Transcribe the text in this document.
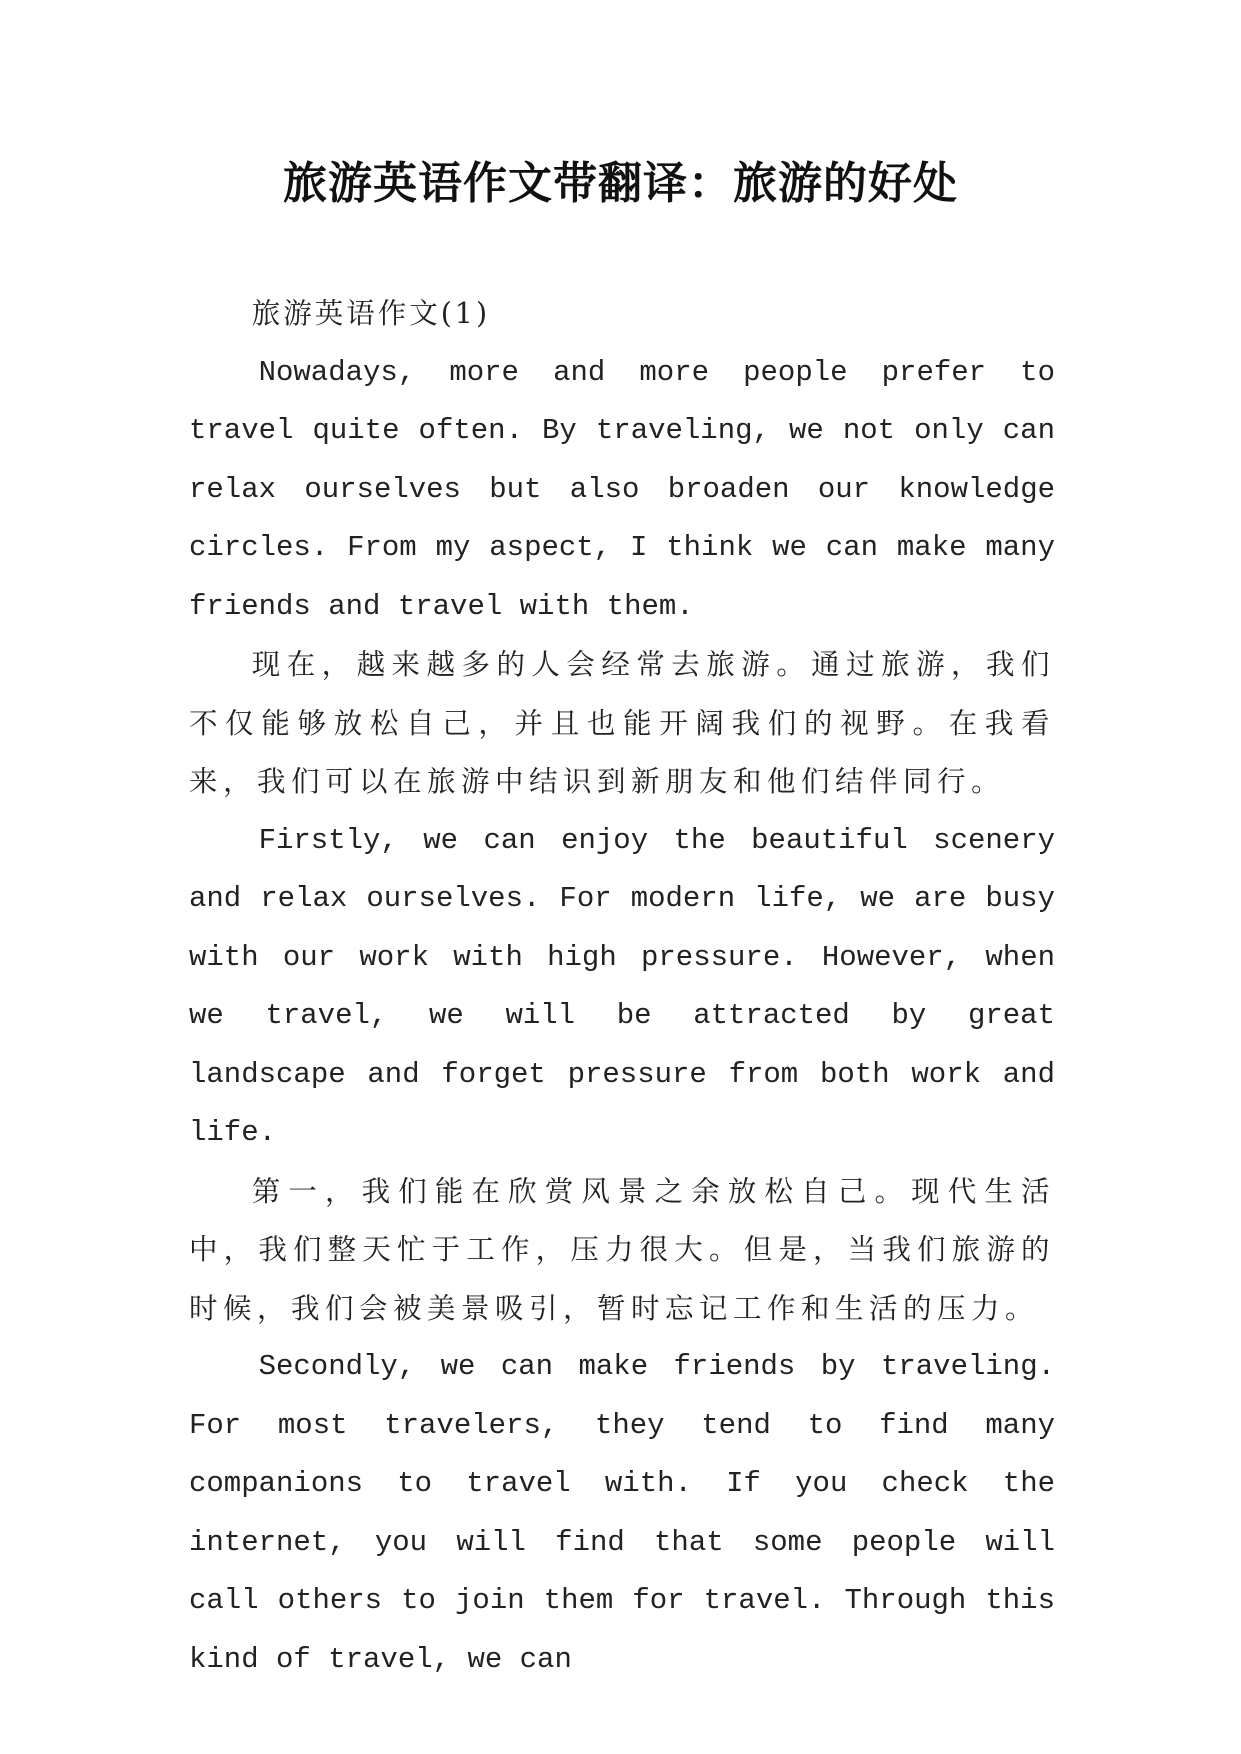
旅游英语作文带翻译：旅游的好处

旅游英语作文(1)

Nowadays, more and more people prefer to travel quite often. By traveling, we not only can relax ourselves but also broaden our knowledge circles. From my aspect, I think we can make many friends and travel with them.

现在，越来越多的人会经常去旅游。通过旅游，我们不仅能够放松自己，并且也能开阔我们的视野。在我看来，我们可以在旅游中结识到新朋友和他们结伴同行。

Firstly, we can enjoy the beautiful scenery and relax ourselves. For modern life, we are busy with our work with high pressure. However, when we travel, we will be attracted by great landscape and forget pressure from both work and life.

第一，我们能在欣赏风景之余放松自己。现代生活中，我们整天忙于工作，压力很大。但是，当我们旅游的时候，我们会被美景吸引，暂时忘记工作和生活的压力。

Secondly, we can make friends by traveling. For most travelers, they tend to find many companions to travel with. If you check the internet, you will find that some people will call others to join them for travel. Through this kind of travel, we can
